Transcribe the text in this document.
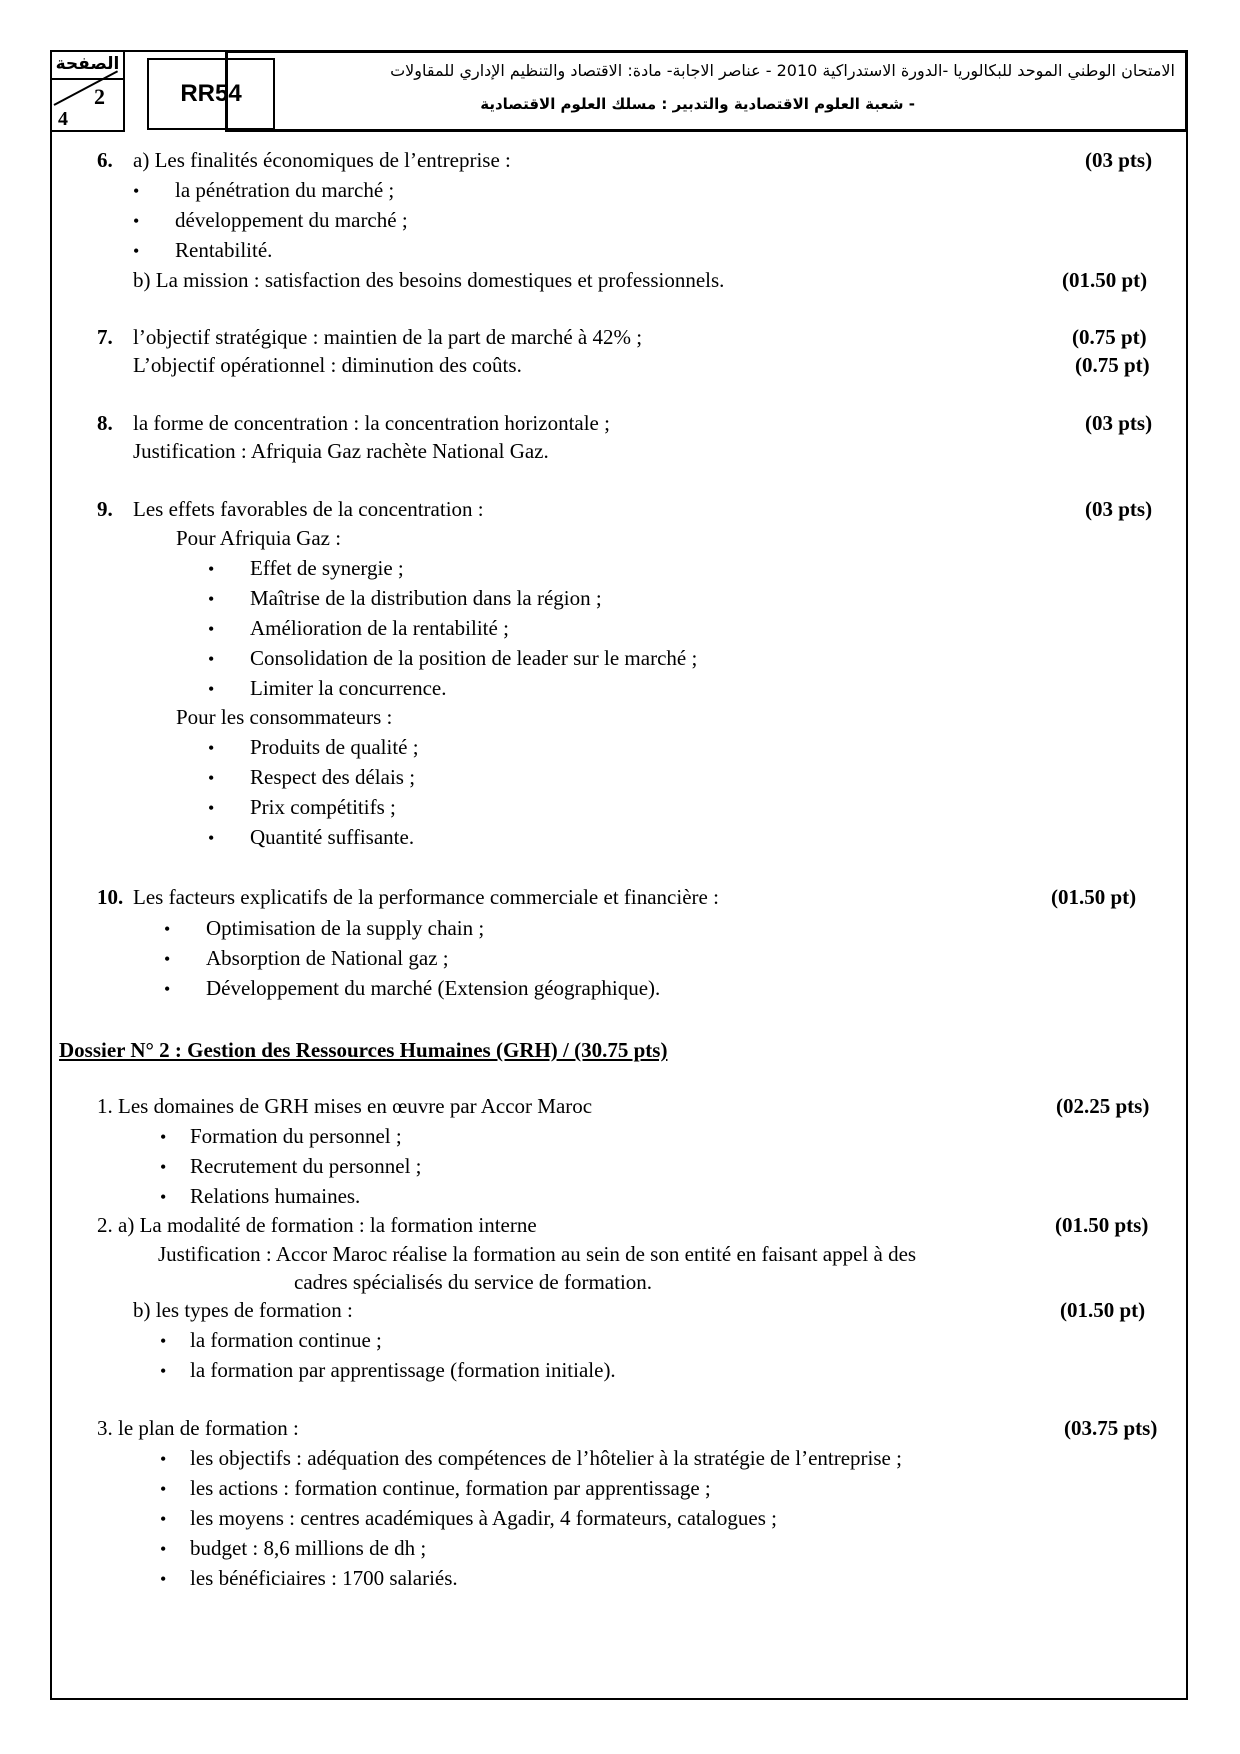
الصفحة
2
4
RR54
الامتحان الوطني الموحد للبكالوريا -الدورة الاستدراكية 2010 - عناصر الاجابة- مادة: الاقتصاد والتنظيم الإداري للمقاولات
- شعبة العلوم الاقتصادية والتدبير : مسلك العلوم الاقتصادية
6. a) Les finalités économiques de l’entreprise :	(03 pts)
• la pénétration du marché ;
• développement du marché ;
• Rentabilité.
b) La mission : satisfaction des besoins domestiques et professionnels.	(01.50 pt)
7. l’objectif stratégique : maintien de la part de marché à 42% ;	(0.75 pt)
L’objectif opérationnel : diminution des coûts.	(0.75 pt)
8. la forme de concentration : la concentration horizontale ;	(03 pts)
Justification : Afriquia Gaz rachète National Gaz.
9. Les effets favorables de la concentration :	(03 pts)
Pour Afriquia Gaz :
• Effet de synergie ;
• Maîtrise de la distribution dans la région ;
• Amélioration de la rentabilité ;
• Consolidation de la position de leader sur le marché ;
• Limiter la concurrence.
Pour les consommateurs :
• Produits de qualité ;
• Respect des délais ;
• Prix compétitifs ;
• Quantité suffisante.
10. Les facteurs explicatifs de la performance commerciale et financière :	(01.50 pt)
• Optimisation de la supply chain ;
• Absorption de National gaz ;
• Développement du marché (Extension géographique).
Dossier N° 2 : Gestion des Ressources Humaines (GRH) / (30.75 pts)
1. Les domaines de GRH mises en œuvre par Accor Maroc	(02.25 pts)
• Formation du personnel ;
• Recrutement du personnel ;
• Relations humaines.
2. a) La modalité de formation : la formation interne	(01.50 pts)
Justification : Accor Maroc réalise la formation au sein de son entité en faisant appel à des
cadres spécialisés du service de formation.
b) les types de formation :	(01.50 pt)
• la formation continue ;
• la formation par apprentissage (formation initiale).
3. le plan de formation :	(03.75 pts)
• les objectifs : adéquation des compétences de l’hôtelier à la stratégie de l’entreprise ;
• les actions : formation continue, formation par apprentissage ;
• les moyens : centres académiques à Agadir, 4 formateurs, catalogues ;
• budget : 8,6 millions de dh ;
• les bénéficiaires : 1700 salariés.
